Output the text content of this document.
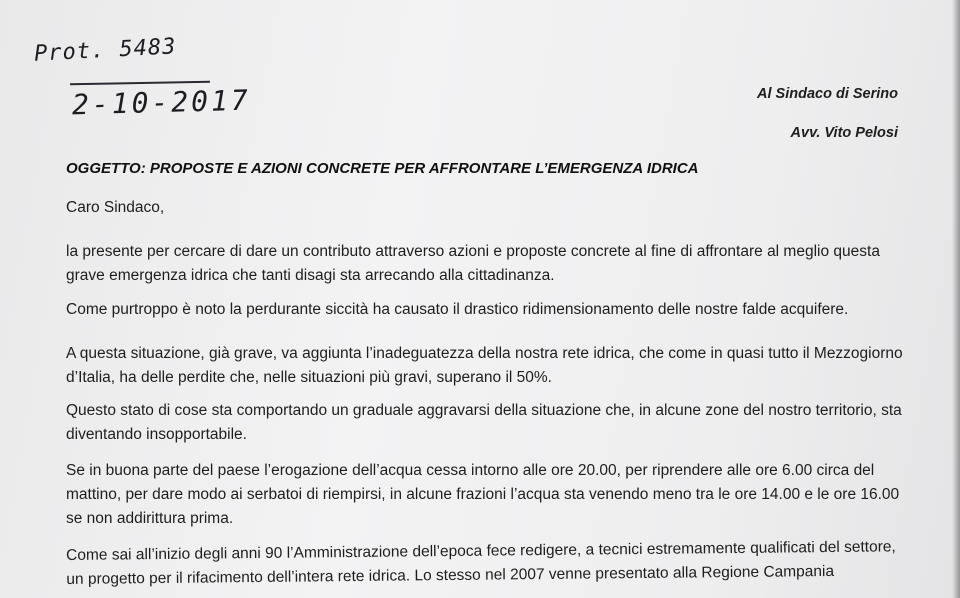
Prot. 5483
2-10-2017	Al Sindaco di Serino
Avv. Vito Pelosi
OGGETTO: PROPOSTE E AZIONI CONCRETE PER AFFRONTARE L’EMERGENZA IDRICA
Caro Sindaco,
la presente per cercare di dare un contributo attraverso azioni e proposte concrete al fine di affrontare al meglio questa
grave emergenza idrica che tanti disagi sta arrecando alla cittadinanza.
Come purtroppo è noto la perdurante siccità ha causato il drastico ridimensionamento delle nostre falde acquifere.
A questa situazione, già grave, va aggiunta l’inadeguatezza della nostra rete idrica, che come in quasi tutto il Mezzogiorno
d’Italia, ha delle perdite che, nelle situazioni più gravi, superano il 50%.
Questo stato di cose sta comportando un graduale aggravarsi della situazione che, in alcune zone del nostro territorio, sta
diventando insopportabile.
Se in buona parte del paese l’erogazione dell’acqua cessa intorno alle ore 20.00, per riprendere alle ore 6.00 circa del
mattino, per dare modo ai serbatoi di riempirsi, in alcune frazioni l’acqua sta venendo meno tra le ore 14.00 e le ore 16.00
se non addirittura prima.
Come sai all’inizio degli anni 90 l’Amministrazione dell’epoca fece redigere, a tecnici estremamente qualificati del settore,
un progetto per il rifacimento dell’intera rete idrica. Lo stesso nel 2007 venne presentato alla Regione Campania
